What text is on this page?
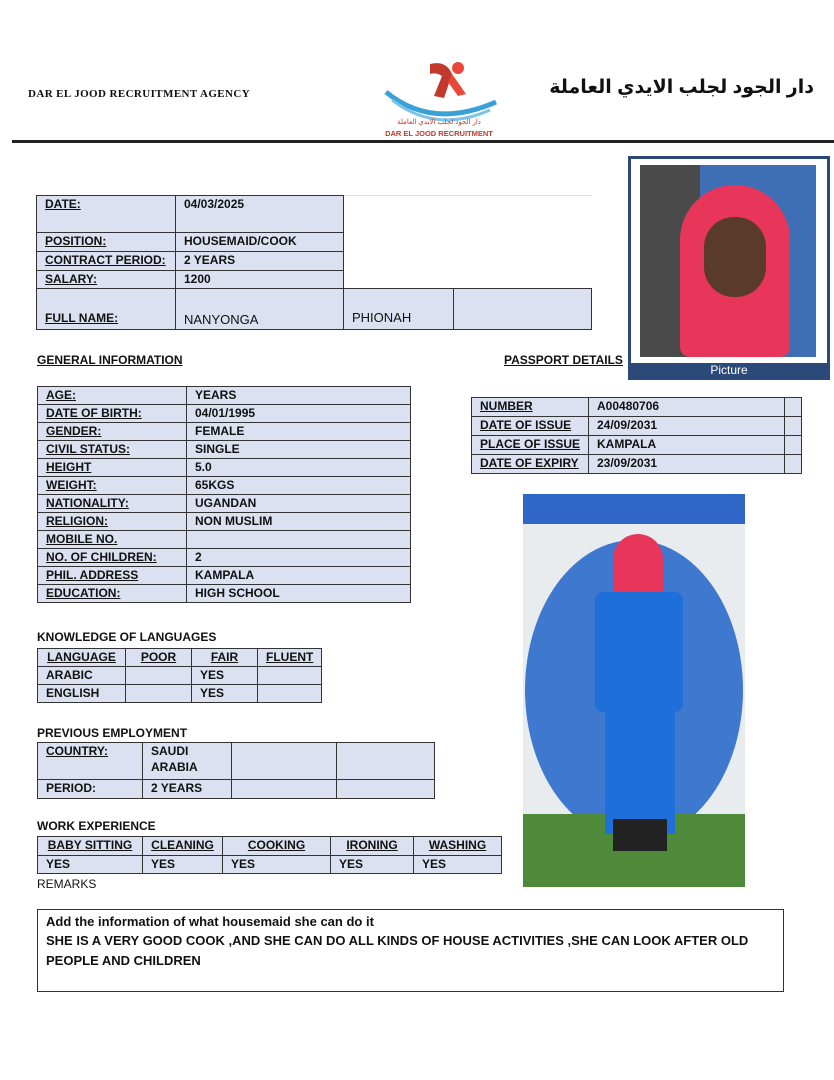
DAR EL JOOD RECRUITMENT AGENCY
دار الجود لجلب الايدي العاملة
DAR EL JOOD RECRUITMENT
دار الجود لجلب الايدي العاملة
DATE:	04/03/2025		
POSITION:	HOUSEMAID/COOK		
CONTRACT PERIOD:	2 YEARS		
SALARY:	1200		
FULL NAME:	NANYONGA	PHIONAH	
Picture
GENERAL INFORMATION
AGE:	YEARS
DATE OF BIRTH:	04/01/1995
GENDER:	FEMALE
CIVIL STATUS:	SINGLE
HEIGHT	5.0
WEIGHT:	65KGS
NATIONALITY:	UGANDAN
RELIGION:	NON MUSLIM
MOBILE NO.	
NO. OF CHILDREN:	2
PHIL. ADDRESS	KAMPALA
EDUCATION:	HIGH SCHOOL
PASSPORT DETAILS
NUMBER	A00480706	
DATE OF ISSUE	24/09/2031	
PLACE OF ISSUE	KAMPALA	
DATE OF EXPIRY	23/09/2031	
KNOWLEDGE OF LANGUAGES
LANGUAGE	POOR	FAIR	FLUENT
ARABIC		YES	
ENGLISH		YES	
PREVIOUS EMPLOYMENT
COUNTRY:	SAUDI
ARABIA		

PERIOD:	2 YEARS		
WORK EXPERIENCE
BABY SITTING	CLEANING	COOKING	IRONING	WASHING
YES	YES	YES	YES	YES
REMARKS
Add the information of what housemaid she can do it
SHE IS A VERY GOOD COOK ,AND SHE CAN DO ALL KINDS OF HOUSE ACTIVITIES ,SHE CAN LOOK AFTER OLD PEOPLE AND CHILDREN
